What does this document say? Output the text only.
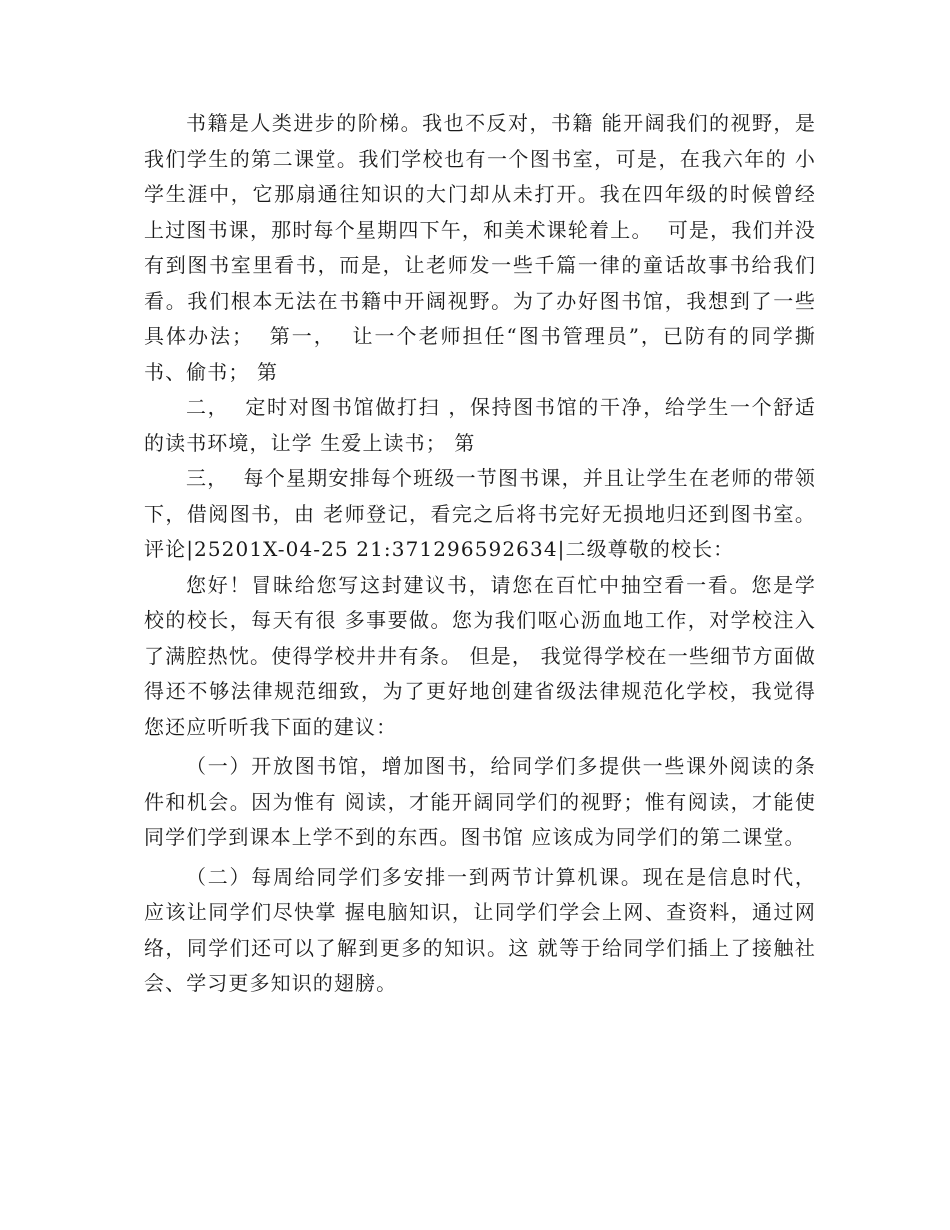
书籍是人类进步的阶梯。我也不反对，书籍 能开阔我们的视野，是我们学生的第二课堂。我们学校也有一个图书室，可是，在我六年的 小学生涯中，它那扇通往知识的大门却从未打开。我在四年级的时候曾经上过图书课，那时每个星期四下午，和美术课轮着上。  可是，我们并没有到图书室里看书，而是，让老师发一些千篇一律的童话故事书给我们 看。我们根本无法在书籍中开阔视野。为了办好图书馆，我想到了一些具体办法；  第一，  让一个老师担任“图书管理员”，已防有的同学撕书、偷书； 第

二，  定时对图书馆做打扫 ，保持图书馆的干净，给学生一个舒适的读书环境，让学 生爱上读书； 第

三，  每个星期安排每个班级一节图书课，并且让学生在老师的带领下，借阅图书，由 老师登记，看完之后将书完好无损地归还到图书室。 评论|25201X-04-25 21:371296592634|二级尊敬的校长：

您好！冒昧给您写这封建议书，请您在百忙中抽空看一看。您是学校的校长，每天有很 多事要做。您为我们呕心沥血地工作，对学校注入了满腔热忱。使得学校井井有条。 但是， 我觉得学校在一些细节方面做得还不够法律规范细致，为了更好地创建省级法律规范化学校，我觉得 您还应听听我下面的建议：

（一）开放图书馆，增加图书，给同学们多提供一些课外阅读的条件和机会。因为惟有 阅读，才能开阔同学们的视野；惟有阅读，才能使同学们学到课本上学不到的东西。图书馆 应该成为同学们的第二课堂。

（二）每周给同学们多安排一到两节计算机课。现在是信息时代，应该让同学们尽快掌 握电脑知识，让同学们学会上网、查资料，通过网络，同学们还可以了解到更多的知识。这 就等于给同学们插上了接触社会、学习更多知识的翅膀。
